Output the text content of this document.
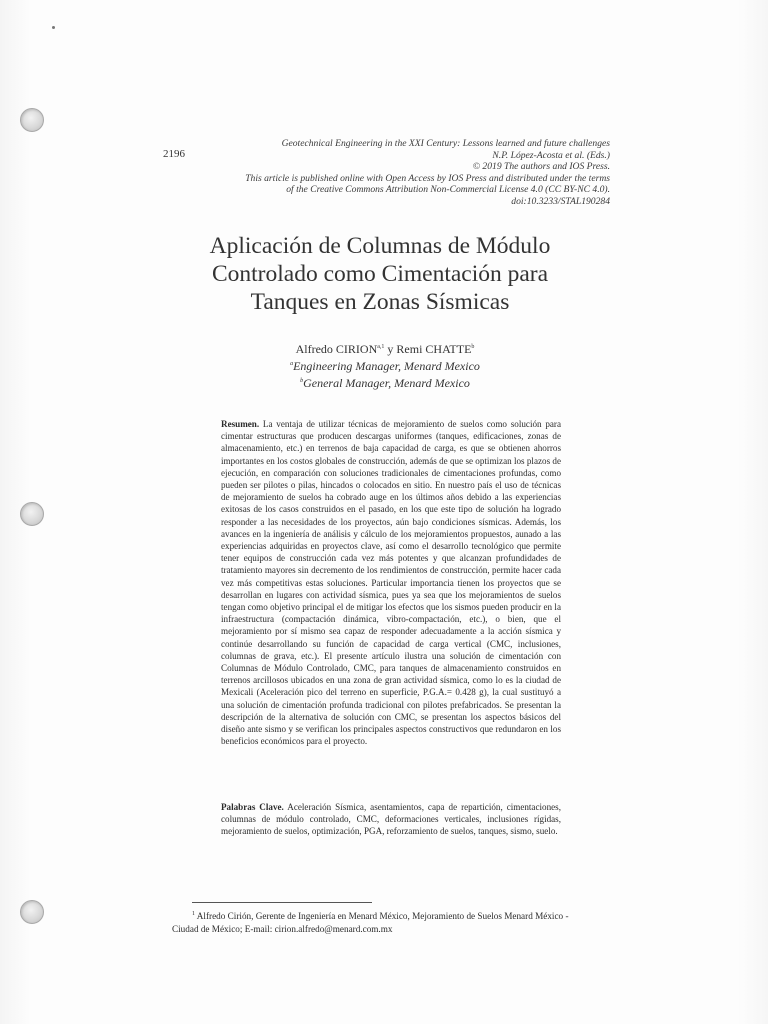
2196
Geotechnical Engineering in the XXI Century: Lessons learned and future challenges
N.P. López-Acosta et al. (Eds.)
© 2019 The authors and IOS Press.
This article is published online with Open Access by IOS Press and distributed under the terms
of the Creative Commons Attribution Non-Commercial License 4.0 (CC BY-NC 4.0).
doi:10.3233/STAL190284
Aplicación de Columnas de Módulo
Controlado como Cimentación para
Tanques en Zonas Sísmicas
Alfredo CIRION$^{a,1}$ y Remi CHATTE$^b$
$^a$Engineering Manager, Menard Mexico
$^b$General Manager, Menard Mexico
Resumen. La ventaja de utilizar técnicas de mejoramiento de suelos como solución para cimentar estructuras que producen descargas uniformes (tanques, edificaciones, zonas de almacenamiento, etc.) en terrenos de baja capacidad de carga, es que se obtienen ahorros importantes en los costos globales de construcción, además de que se optimizan los plazos de ejecución, en comparación con soluciones tradicionales de cimentaciones profundas, como pueden ser pilotes o pilas, hincados o colocados en sitio. En nuestro país el uso de técnicas de mejoramiento de suelos ha cobrado auge en los últimos años debido a las experiencias exitosas de los casos construidos en el pasado, en los que este tipo de solución ha logrado responder a las necesidades de los proyectos, aún bajo condiciones sísmicas. Además, los avances en la ingeniería de análisis y cálculo de los mejoramientos propuestos, aunado a las experiencias adquiridas en proyectos clave, así como el desarrollo tecnológico que permite tener equipos de construcción cada vez más potentes y que alcanzan profundidades de tratamiento mayores sin decremento de los rendimientos de construcción, permite hacer cada vez más competitivas estas soluciones. Particular importancia tienen los proyectos que se desarrollan en lugares con actividad sísmica, pues ya sea que los mejoramientos de suelos tengan como objetivo principal el de mitigar los efectos que los sismos pueden producir en la infraestructura (compactación dinámica, vibro-compactación, etc.), o bien, que el mejoramiento por sí mismo sea capaz de responder adecuadamente a la acción sísmica y continúe desarrollando su función de capacidad de carga vertical (CMC, inclusiones, columnas de grava, etc.). El presente artículo ilustra una solución de cimentación con Columnas de Módulo Controlado, CMC, para tanques de almacenamiento construidos en terrenos arcillosos ubicados en una zona de gran actividad sísmica, como lo es la ciudad de Mexicali (Aceleración pico del terreno en superficie, P.G.A.= 0.428 g), la cual sustituyó a una solución de cimentación profunda tradicional con pilotes prefabricados. Se presentan la descripción de la alternativa de solución con CMC, se presentan los aspectos básicos del diseño ante sismo y se verifican los principales aspectos constructivos que redundaron en los beneficios económicos para el proyecto.
Palabras Clave. Aceleración Sísmica, asentamientos, capa de repartición, cimentaciones, columnas de módulo controlado, CMC, deformaciones verticales, inclusiones rígidas, mejoramiento de suelos, optimización, PGA, reforzamiento de suelos, tanques, sismo, suelo.
$^1$ Alfredo Cirión, Gerente de Ingeniería en Menard México, Mejoramiento de Suelos Menard México -
Ciudad de México; E-mail: cirion.alfredo@menard.com.mx
